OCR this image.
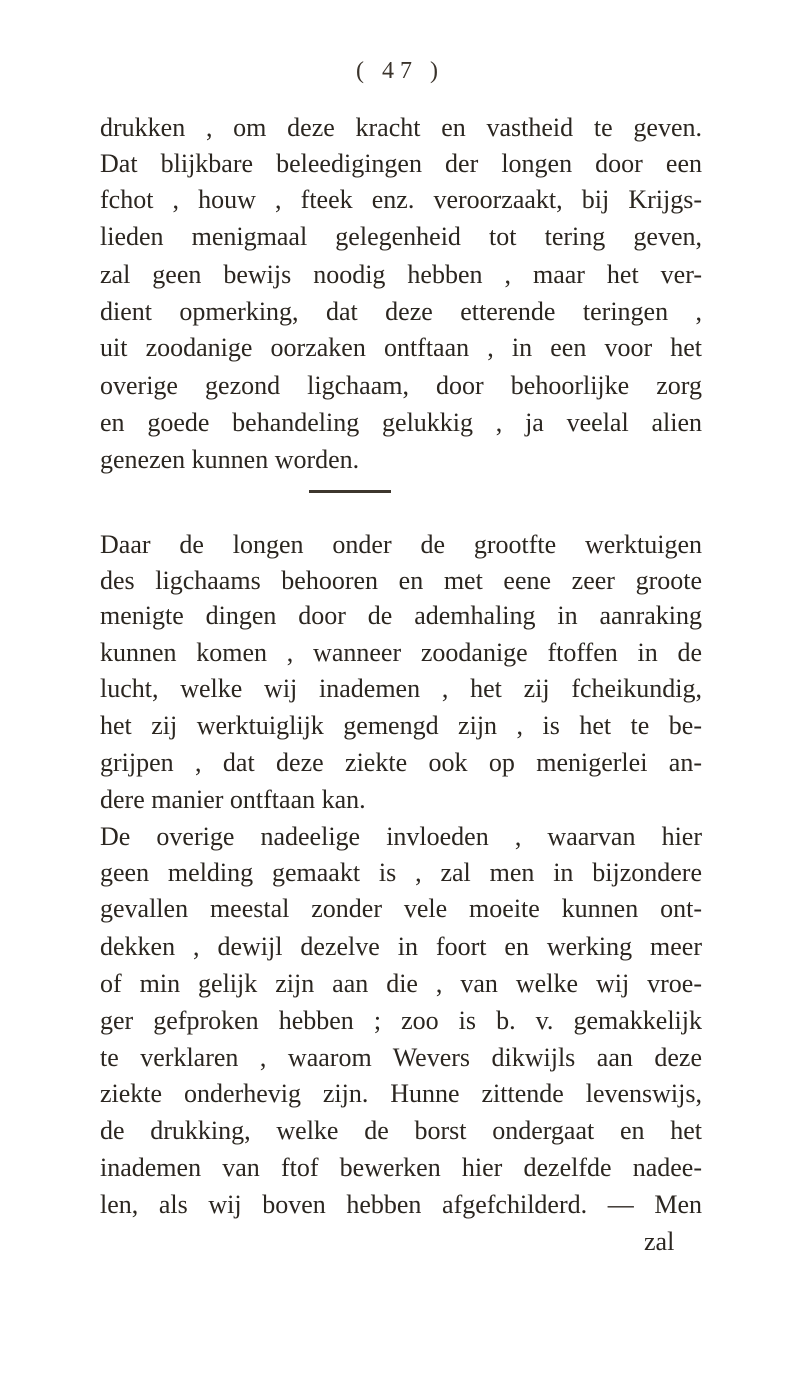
( 47 )
drukken , om deze kracht en vastheid te geven.
Dat blijkbare beleedigingen der longen door een
fchot , houw , fteek enz. veroorzaakt, bij Krijgs-
lieden menigmaal gelegenheid tot tering geven,
zal geen bewijs noodig hebben , maar het ver-
dient opmerking, dat deze etterende teringen ,
uit zoodanige oorzaken ontftaan , in een voor het
overige gezond ligchaam, door behoorlijke zorg
en goede behandeling gelukkig , ja veelal alien
genezen kunnen worden.
Daar de longen onder de grootfte werktuigen
des ligchaams behooren en met eene zeer groote
menigte dingen door de ademhaling in aanraking
kunnen komen , wanneer zoodanige ftoffen in de
lucht, welke wij inademen , het zij fcheikundig,
het zij werktuiglijk gemengd zijn , is het te be-
grijpen , dat deze ziekte ook op menigerlei an-
dere manier ontftaan kan.
De overige nadeelige invloeden , waarvan hier
geen melding gemaakt is , zal men in bijzondere
gevallen meestal zonder vele moeite kunnen ont-
dekken , dewijl dezelve in foort en werking meer
of min gelijk zijn aan die , van welke wij vroe-
ger gefproken hebben ; zoo is b. v. gemakkelijk
te verklaren , waarom Wevers dikwijls aan deze
ziekte onderhevig zijn. Hunne zittende levenswijs,
de drukking, welke de borst ondergaat en het
inademen van ftof bewerken hier dezelfde nadee-
len, als wij boven hebben afgefchilderd. — Men
zal
